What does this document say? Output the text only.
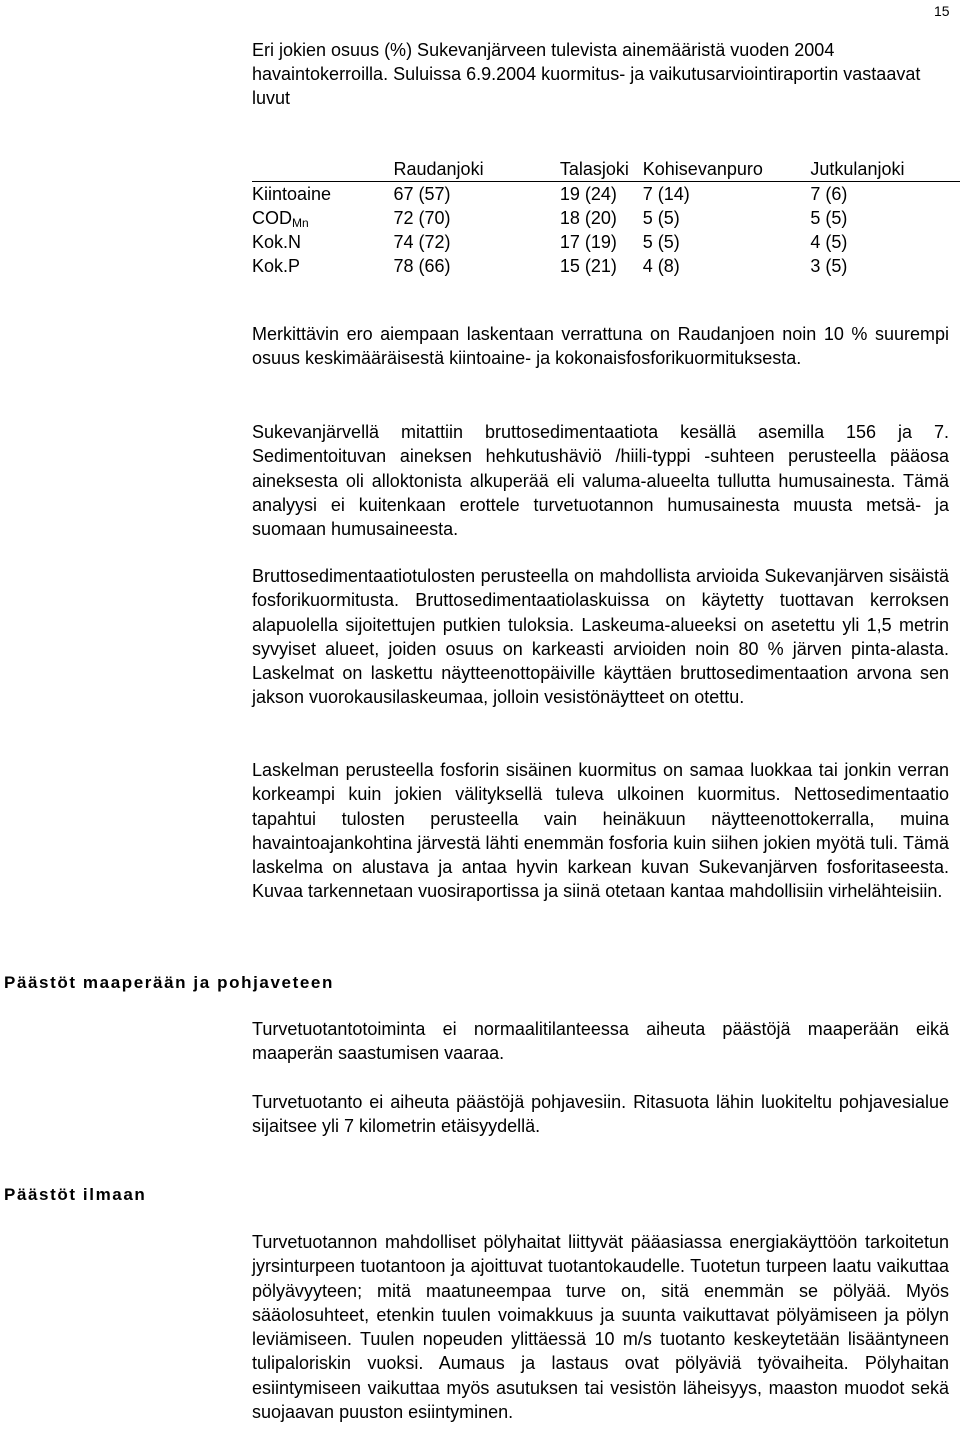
15
Eri jokien osuus (%) Sukevanjärveen tulevista ainemääristä vuoden 2004 havaintokerroilla. Suluissa 6.9.2004 kuormitus- ja vaikutusarviointiraportin vastaavat luvut
	Raudanjoki	Talasjoki	Kohisevanpuro	Jutkulanjoki
Kiintoaine	67 (57)	19 (24)	7 (14)	7 (6)
$COD_{Mn}$	72 (70)	18 (20)	5 (5)	5 (5)
Kok.N	74 (72)	17 (19)	5 (5)	4 (5)
Kok.P	78 (66)	15 (21)	4 (8)	3 (5)

Merkittävin ero aiempaan laskentaan verrattuna on Raudanjoen noin 10 % suurempi osuus keskimääräisestä kiintoaine- ja kokonaisfosforikuormituksesta.

Sukevanjärvellä mitattiin bruttosedimentaatiota kesällä asemilla 156 ja 7. Sedimentoituvan aineksen hehkutushäviö /hiili-typpi -suhteen perusteella pääosa aineksesta oli alloktonista alkuperää eli valuma-alueelta tullutta humusainesta. Tämä analyysi ei kuitenkaan erottele turvetuotannon humusainesta muusta metsä- ja suomaan humusaineesta.

Bruttosedimentaatiotulosten perusteella on mahdollista arvioida Sukevanjärven sisäistä fosforikuormitusta. Bruttosedimentaatiolaskuissa on käytetty tuottavan kerroksen alapuolella sijoitettujen putkien tuloksia. Laskeuma-alueeksi on asetettu yli 1,5 metrin syvyiset alueet, joiden osuus on karkeasti arvioiden noin 80 % järven pinta-alasta. Laskelmat on laskettu näytteenottopäiville käyttäen bruttosedimentaation arvona sen jakson vuorokausilaskeumaa, jolloin vesistönäytteet on otettu.

Laskelman perusteella fosforin sisäinen kuormitus on samaa luokkaa tai jonkin verran korkeampi kuin jokien välityksellä tuleva ulkoinen kuormitus. Nettosedimentaatio tapahtui tulosten perusteella vain heinäkuun näytteenottokerralla, muina havaintoajankohtina järvestä lähti enemmän fosforia kuin siihen jokien myötä tuli. Tämä laskelma on alustava ja antaa hyvin karkean kuvan Sukevanjärven fosforitaseesta. Kuvaa tarkennetaan vuosiraportissa ja siinä otetaan kantaa mahdollisiin virhelähteisiin.

Päästöt maaperään ja pohjaveteen

Turvetuotantotoiminta ei normaalitilanteessa aiheuta päästöjä maaperään eikä maaperän saastumisen vaaraa.

Turvetuotanto ei aiheuta päästöjä pohjavesiin. Ritasuota lähin luokiteltu pohjavesialue sijaitsee yli 7 kilometrin etäisyydellä.

Päästöt ilmaan

Turvetuotannon mahdolliset pölyhaitat liittyvät pääasiassa energiakäyttöön tarkoitetun jyrsinturpeen tuotantoon ja ajoittuvat tuotantokaudelle. Tuotetun turpeen laatu vaikuttaa pölyävyyteen; mitä maatuneempaa turve on, sitä enemmän se pölyää. Myös sääolosuhteet, etenkin tuulen voimakkuus ja suunta vaikuttavat pölyämiseen ja pölyn leviämiseen. Tuulen nopeuden ylittäessä 10 m/s tuotanto keskeytetään lisääntyneen tulipaloriskin vuoksi. Aumaus ja lastaus ovat pölyäviä työvaiheita. Pölyhaitan esiintymiseen vaikuttaa myös asutuksen tai vesistön läheisyys, maaston muodot sekä suojaavan puuston esiintyminen.
